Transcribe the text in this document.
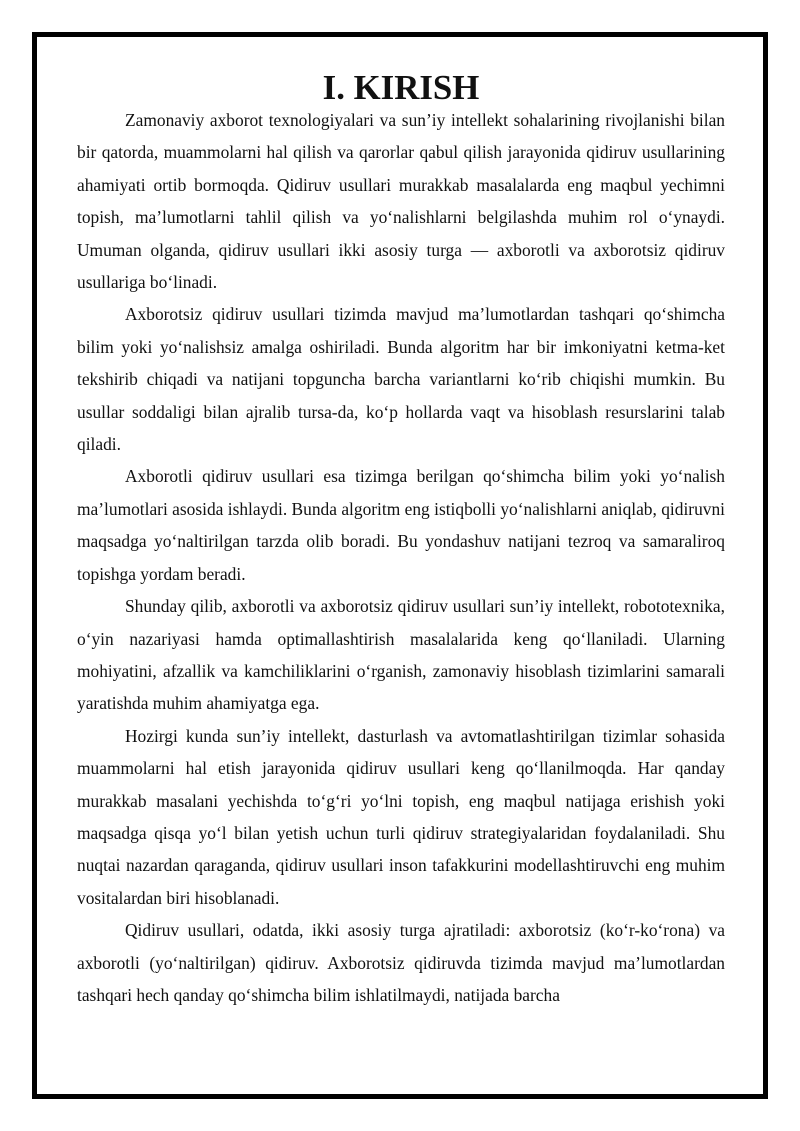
I. KIRISH

Zamonaviy axborot texnologiyalari va sun’iy intellekt sohalarining rivojlanishi bilan bir qatorda, muammolarni hal qilish va qarorlar qabul qilish jarayonida qidiruv usullarining ahamiyati ortib bormoqda. Qidiruv usullari murakkab masalalarda eng maqbul yechimni topish, ma’lumotlarni tahlil qilish va yo‘nalishlarni belgilashda muhim rol o‘ynaydi. Umuman olganda, qidiruv usullari ikki asosiy turga — axborotli va axborotsiz qidiruv usullariga bo‘linadi.

Axborotsiz qidiruv usullari tizimda mavjud ma’lumotlardan tashqari qo‘shimcha bilim yoki yo‘nalishsiz amalga oshiriladi. Bunda algoritm har bir imkoniyatni ketma-ket tekshirib chiqadi va natijani topguncha barcha variantlarni ko‘rib chiqishi mumkin. Bu usullar soddaligi bilan ajralib tursa-da, ko‘p hollarda vaqt va hisoblash resurslarini talab qiladi.

Axborotli qidiruv usullari esa tizimga berilgan qo‘shimcha bilim yoki yo‘nalish ma’lumotlari asosida ishlaydi. Bunda algoritm eng istiqbolli yo‘nalishlarni aniqlab, qidiruvni maqsadga yo‘naltirilgan tarzda olib boradi. Bu yondashuv natijani tezroq va samaraliroq topishga yordam beradi.

Shunday qilib, axborotli va axborotsiz qidiruv usullari sun’iy intellekt, robototexnika, o‘yin nazariyasi hamda optimallashtirish masalalarida keng qo‘llaniladi. Ularning mohiyatini, afzallik va kamchiliklarini o‘rganish, zamonaviy hisoblash tizimlarini samarali yaratishda muhim ahamiyatga ega.

Hozirgi kunda sun’iy intellekt, dasturlash va avtomatlashtirilgan tizimlar sohasida muammolarni hal etish jarayonida qidiruv usullari keng qo‘llanilmoqda. Har qanday murakkab masalani yechishda to‘g‘ri yo‘lni topish, eng maqbul natijaga erishish yoki maqsadga qisqa yo‘l bilan yetish uchun turli qidiruv strategiyalaridan foydalaniladi. Shu nuqtai nazardan qaraganda, qidiruv usullari inson tafakkurini modellashtiruvchi eng muhim vositalardan biri hisoblanadi.

Qidiruv usullari, odatda, ikki asosiy turga ajratiladi: axborotsiz (ko‘r-ko‘rona) va axborotli (yo‘naltirilgan) qidiruv. Axborotsiz qidiruvda tizimda mavjud ma’lumotlardan tashqari hech qanday qo‘shimcha bilim ishlatilmaydi, natijada barcha
